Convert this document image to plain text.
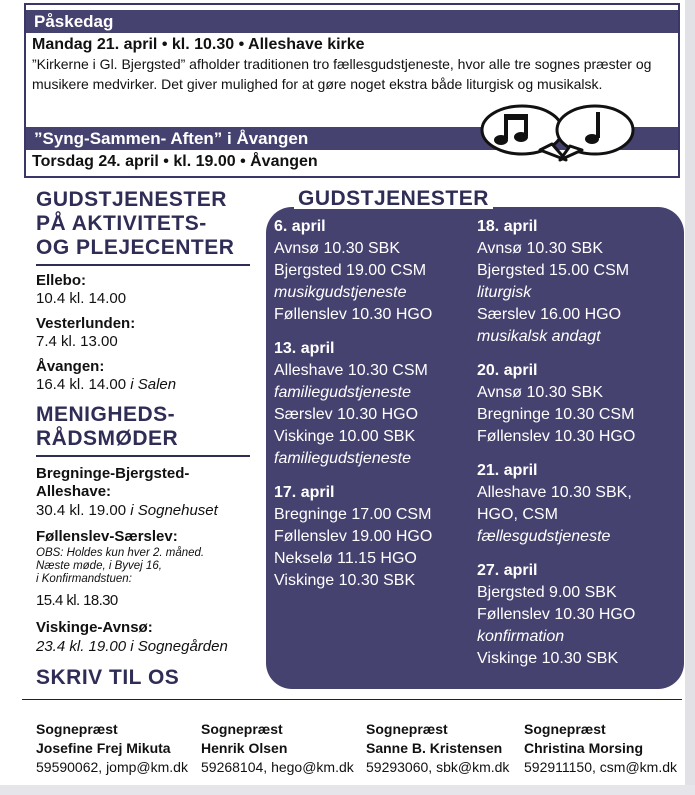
Påskedag
Mandag 21. april • kl. 10.30 • Alleshave kirke
”Kirkerne i Gl. Bjergsted” afholder traditionen tro fællesgudstjeneste, hvor alle tre sognes præster og musikere medvirker. Det giver mulighed for at gøre noget ekstra både liturgisk og musikalsk.
”Syng-Sammen- Aften” i Åvangen
Torsdag 24. april • kl. 19.00 • Åvangen
GUDSTJENESTER
PÅ AKTIVITETS-
OG PLEJECENTER
Ellebo:
10.4 kl. 14.00
Vesterlunden:
7.4 kl. 13.00
Åvangen:
16.4 kl. 14.00 i Salen
MENIGHEDS-
RÅDSMØDER
Bregninge-Bjergsted-
Alleshave:
30.4 kl. 19.00 i Sognehuset
Føllenslev-Særslev:
OBS: Holdes kun hver 2. måned.
Næste møde, i Byvej 16,
i Konfirmandstuen:
15.4 kl. 18.30
Viskinge-Avnsø:
23.4 kl. 19.00 i Sognegården
SKRIV TIL OS
GUDSTJENESTER
6. april
Avnsø 10.30 SBK
Bjergsted 19.00 CSM
musikgudstjeneste
Føllenslev 10.30 HGO
13. april
Alleshave 10.30 CSM
familiegudstjeneste
Særslev 10.30 HGO
Viskinge 10.00 SBK
familiegudstjeneste
17. april
Bregninge 17.00 CSM
Føllenslev 19.00 HGO
Nekselø 11.15 HGO
Viskinge 10.30 SBK
18. april
Avnsø 10.30 SBK
Bjergsted 15.00 CSM
liturgisk
Særslev 16.00 HGO
musikalsk andagt
20. april
Avnsø 10.30 SBK
Bregninge 10.30 CSM
Føllenslev 10.30 HGO
21. april
Alleshave 10.30 SBK,
HGO, CSM
fællesgudstjeneste
27. april
Bjergsted 9.00 SBK
Føllenslev 10.30 HGO
konfirmation
Viskinge 10.30 SBK
Sognepræst
Josefine Frej Mikuta
59590062, jomp@km.dk
Sognepræst
Henrik Olsen
59268104, hego@km.dk
Sognepræst
Sanne B. Kristensen
59293060, sbk@km.dk
Sognepræst
Christina Morsing
592911150, csm@km.dk
